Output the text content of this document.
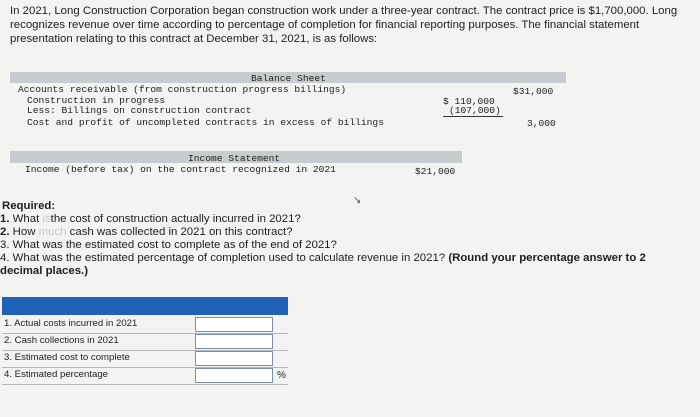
In 2021, Long Construction Corporation began construction work under a three-year contract. The contract price is $1,700,000. Long recognizes revenue over time according to percentage of completion for financial reporting purposes. The financial statement presentation relating to this contract at December 31, 2021, is as follows:
Balance Sheet
Accounts receivable (from construction progress billings)	$31,000
Construction in progress	$ 110,000
Less: Billings on construction contract	(107,000)
Cost and profit of uncompleted contracts in excess of billings	3,000
Income Statement
Income (before tax) on the contract recognized in 2021	$21,000
↘
Required:
1. What isthe cost of construction actually incurred in 2021?
2. How much cash was collected in 2021 on this contract?
3. What was the estimated cost to complete as of the end of 2021?
4. What was the estimated percentage of completion used to calculate revenue in 2021? (Round your percentage answer to 2
decimal places.)
1. Actual costs incurred in 2021
2. Cash collections in 2021
3. Estimated cost to complete
4. Estimated percentage	%
